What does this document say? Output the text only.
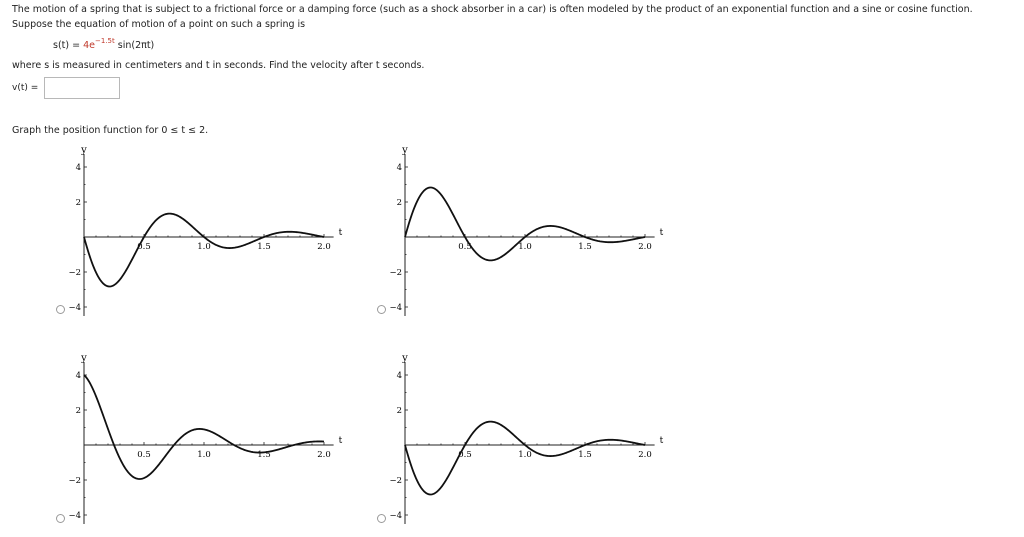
The motion of a spring that is subject to a frictional force or a damping force (such as a shock absorber in a car) is often modeled by the product of an exponential function and a sine or cosine function.
Suppose the equation of motion of a point on such a spring is
$s(t) = 4e^{-1.5t}$ sin(2πt)
where s is measured in centimeters and t in seconds. Find the velocity after t seconds.
v(t) =
Graph the position function for 0 ≤ t ≤ 2.
y
t
0.5	1.0	1.5	2.0
4
2
−2
−4
y
t
0.5	1.0	1.5	2.0
4
2
−2
−4
y
t
0.5	1.0	1.5	2.0
4
2
−2
−4
y
t
0.5	1.0	1.5	2.0
4
2
−2
−4
